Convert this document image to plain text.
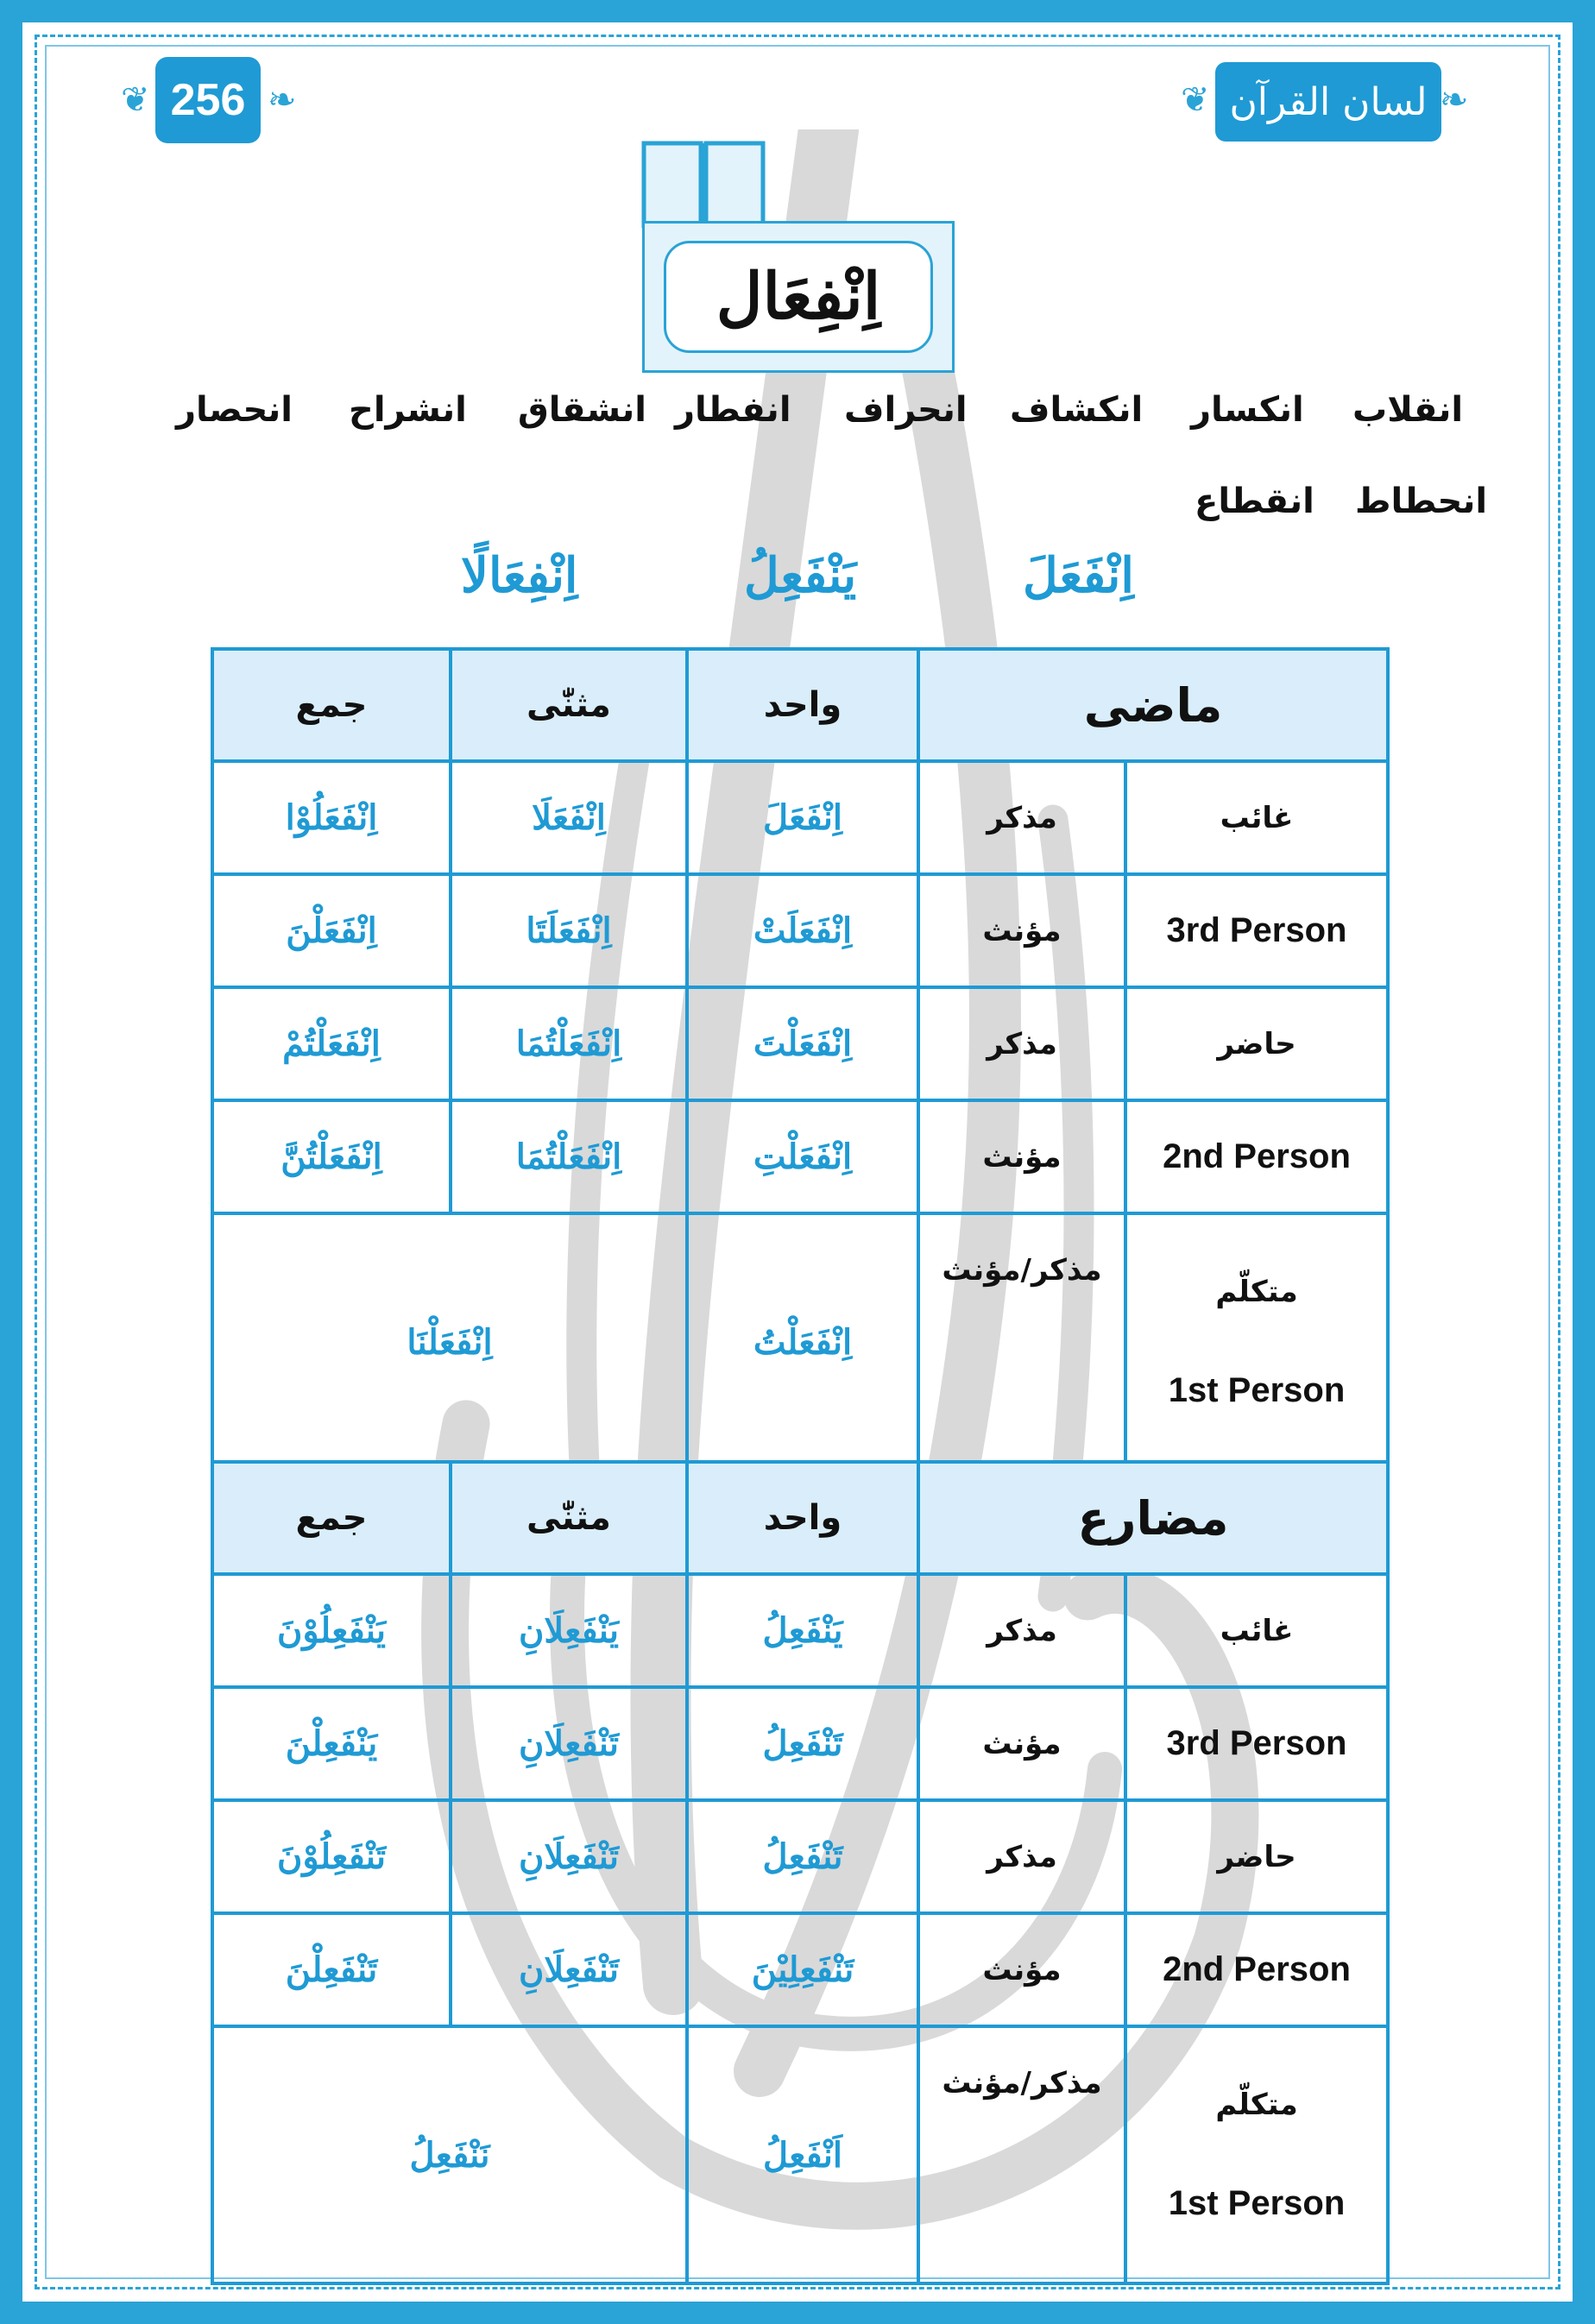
❦ 256 ❧	❦ لسان القرآن ❧
اِنْفِعَال
انقلاب
انکسار
انکشاف
انحراف
انفطار
انشقاق
انشراح
انحصار
انحطاط
انقطاع
اِنْفَعَلَ
يَنْفَعِلُ
اِنْفِعَالًا
جمع	مثنّٰی	واحد	ماضی	
اِنْفَعَلُوْا	اِنْفَعَلَا	اِنْفَعَلَ	مذکر	غائب
اِنْفَعَلْنَ	اِنْفَعَلَتَا	اِنْفَعَلَتْ	مؤنث	3rd Person
اِنْفَعَلْتُمْ	اِنْفَعَلْتُمَا	اِنْفَعَلْتَ	مذکر	حاضر
اِنْفَعَلْتُنَّ	اِنْفَعَلْتُمَا	اِنْفَعَلْتِ	مؤنث	2nd Person
اِنْفَعَلْنَا		اِنْفَعَلْتُ	مذکر/مؤنث	متکلّم
1st Person
جمع	مثنّٰی	واحد	مضارع	
يَنْفَعِلُوْنَ	يَنْفَعِلَانِ	يَنْفَعِلُ	مذکر	غائب
يَنْفَعِلْنَ	تَنْفَعِلَانِ	تَنْفَعِلُ	مؤنث	3rd Person
تَنْفَعِلُوْنَ	تَنْفَعِلَانِ	تَنْفَعِلُ	مذکر	حاضر
تَنْفَعِلْنَ	تَنْفَعِلَانِ	تَنْفَعِلِيْنَ	مؤنث	2nd Person
نَنْفَعِلُ		اَنْفَعِلُ	مذکر/مؤنث	متکلّم
1st Person
